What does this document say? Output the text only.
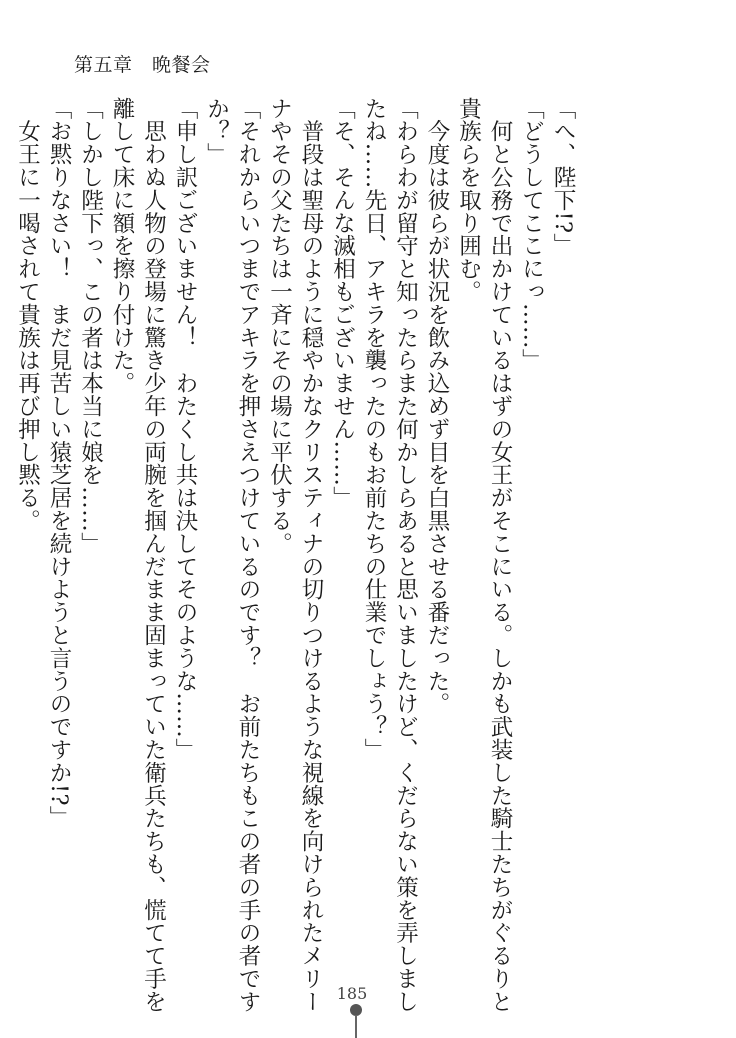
第五章　 晩餐会

「へ、陛下!?」

「どうしてここにっ……」

　何と公務で出かけているはずの女王がそこにいる。しかも武装した騎士たちがぐるりと

貴族らを取り囲む。

　今度は彼らが状況を飲み込めず目を白黒させる番だった。

「わらわが留守と知ったらまた何かしらあると思いましたけど、くだらない策を弄しまし

たね……先日、アキラを襲ったのもお前たちの仕業でしょう？」

「そ、そんな滅相もございません……」

　普段は聖母のように穏やかなクリスティナの切りつけるような視線を向けられたメリー

ナやその父たちは一斉にその場に平伏する。

「それからいつまでアキラを押さえつけているのです？　お前たちもこの者の手の者です

か？」

「申し訳ございません！　わたくし共は決してそのような……」

　思わぬ人物の登場に驚き少年の両腕を掴んだまま固まっていた衛兵たちも、慌てて手を

離して床に額を擦り付けた。

「しかし陛下っ、この者は本当に娘を……」

「お黙りなさい！　まだ見苦しい猿芝居を続けようと言うのですか!?」

　女王に一喝されて貴族は再び押し黙る。

185
